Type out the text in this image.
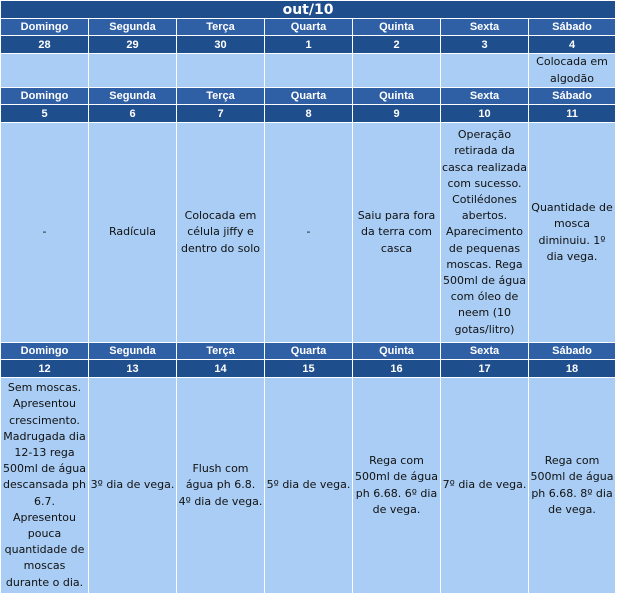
out/10						
Domingo	Segunda	Terça	Quarta	Quinta	Sexta	Sábado
28	29	30	1	2	3	4

						Colocada em algodão

Domingo	Segunda	Terça	Quarta	Quinta	Sexta	Sábado
5	6	7	8	9	10	11

-	Radícula	Colocada em célula jiffy e dentro do solo	-	Saiu para fora da terra com casca	Operação retirada da casca realizada com sucesso. Cotilédones abertos. Aparecimento de pequenas moscas. Rega 500ml de água com óleo de neem (10 gotas/litro)	Quantidade de mosca diminuiu. 1º dia vega.

Domingo	Segunda	Terça	Quarta	Quinta	Sexta	Sábado
12	13	14	15	16	17	18

Sem moscas. Apresentou crescimento. Madrugada dia 12-13 rega 500ml de água descansada ph 6.7. Apresentou pouca quantidade de moscas durante o dia.	3º dia de vega.	Flush com água ph 6.8. 4º dia de vega.	5º dia de vega.	Rega com 500ml de água ph 6.68. 6º dia de vega.	7º dia de vega.	Rega com 500ml de água ph 6.68. 8º dia de vega.
